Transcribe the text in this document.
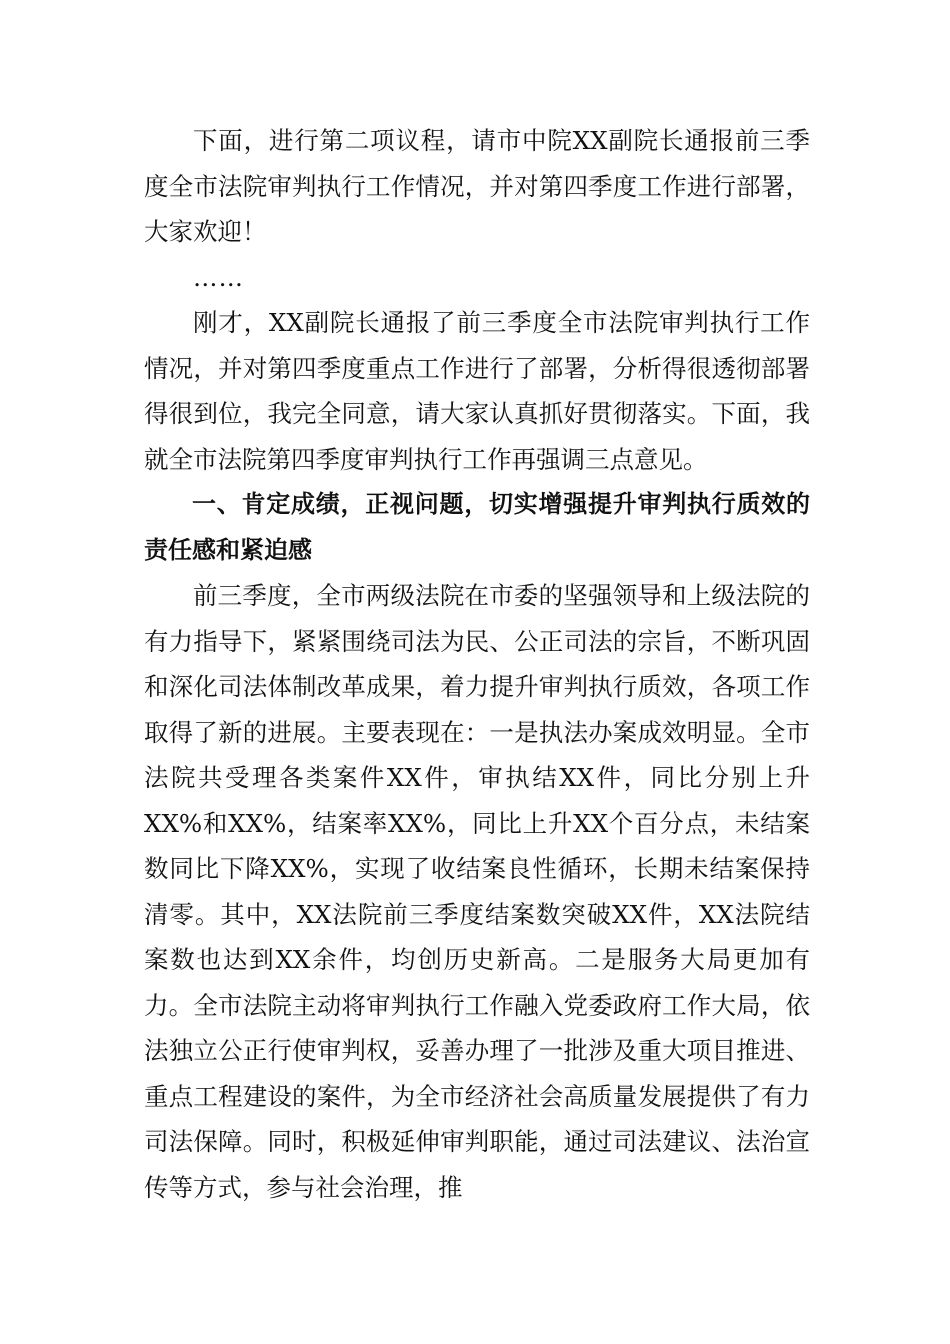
下面，进行第二项议程，请市中院XX副院长通报前三季度全市法院审判执行工作情况，并对第四季度工作进行部署，大家欢迎！

……

刚才，XX副院长通报了前三季度全市法院审判执行工作情况，并对第四季度重点工作进行了部署，分析得很透彻部署得很到位，我完全同意，请大家认真抓好贯彻落实。下面，我就全市法院第四季度审判执行工作再强调三点意见。

一、肯定成绩，正视问题，切实增强提升审判执行质效的责任感和紧迫感

前三季度，全市两级法院在市委的坚强领导和上级法院的有力指导下，紧紧围绕司法为民、公正司法的宗旨，不断巩固和深化司法体制改革成果，着力提升审判执行质效，各项工作取得了新的进展。主要表现在：一是执法办案成效明显。全市法院共受理各类案件XX件，审执结XX件，同比分别上升XX%和XX%，结案率XX%，同比上升XX个百分点，未结案数同比下降XX%，实现了收结案良性循环，长期未结案保持清零。其中，XX法院前三季度结案数突破XX件，XX法院结案数也达到XX余件，均创历史新高。二是服务大局更加有力。全市法院主动将审判执行工作融入党委政府工作大局，依法独立公正行使审判权，妥善办理了一批涉及重大项目推进、重点工程建设的案件，为全市经济社会高质量发展提供了有力司法保障。同时，积极延伸审判职能，通过司法建议、法治宣传等方式，参与社会治理，推
